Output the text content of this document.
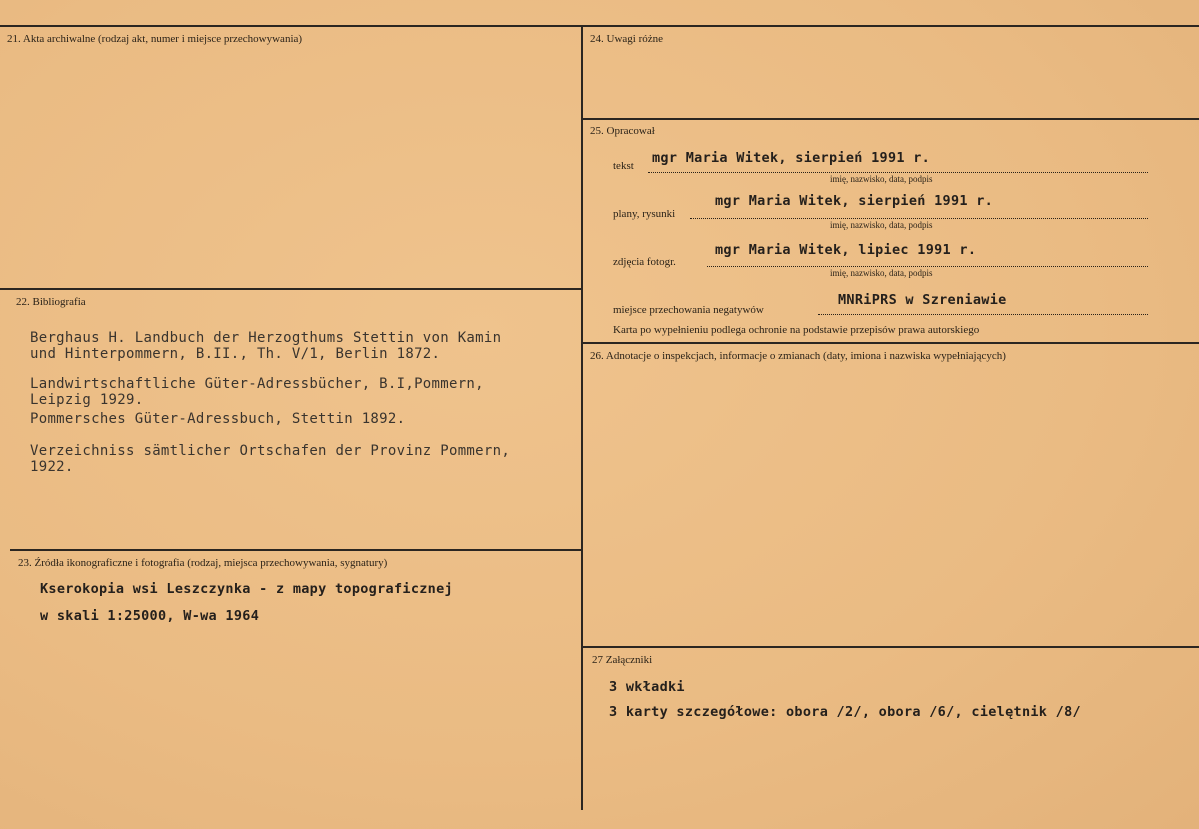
21. Akta archiwalne (rodzaj akt, numer i miejsce przechowywania)
22. Bibliografia
Berghaus H. Landbuch der Herzogthums Stettin von Kamin
und Hinterpommern, B.II., Th. V/1, Berlin 1872.
Landwirtschaftliche Güter-Adressbücher, B.I,Pommern,
Leipzig 1929.
Pommersches Güter-Adressbuch, Stettin 1892.
Verzeichniss sämtlicher Ortschafen der Provinz Pommern,
1922.
23. Źródła ikonograficzne i fotografia (rodzaj, miejsca przechowywania, sygnatury)
Kserokopia wsi Leszczynka - z mapy topograficznej
w skali 1:25000, W-wa 1964
24. Uwagi różne
25. Opracował
tekst mgr Maria Witek, sierpień 1991 r.
imię, nazwisko, data, podpis
plany, rysunki
mgr Maria Witek, sierpień 1991 r.
imię, nazwisko, data, podpis
zdjęcia fotogr.
mgr Maria Witek, lipiec 1991 r.
imię, nazwisko, data, podpis
miejsce przechowania negatywów
MNRiPRS w Szreniawie
Karta po wypełnieniu podlega ochronie na podstawie przepisów prawa autorskiego
26. Adnotacje o inspekcjach, informacje o zmianach (daty, imiona i nazwiska wypełniających)
27 Załączniki
3 wkładki
3 karty szczegółowe: obora /2/, obora /6/, cielętnik /8/
